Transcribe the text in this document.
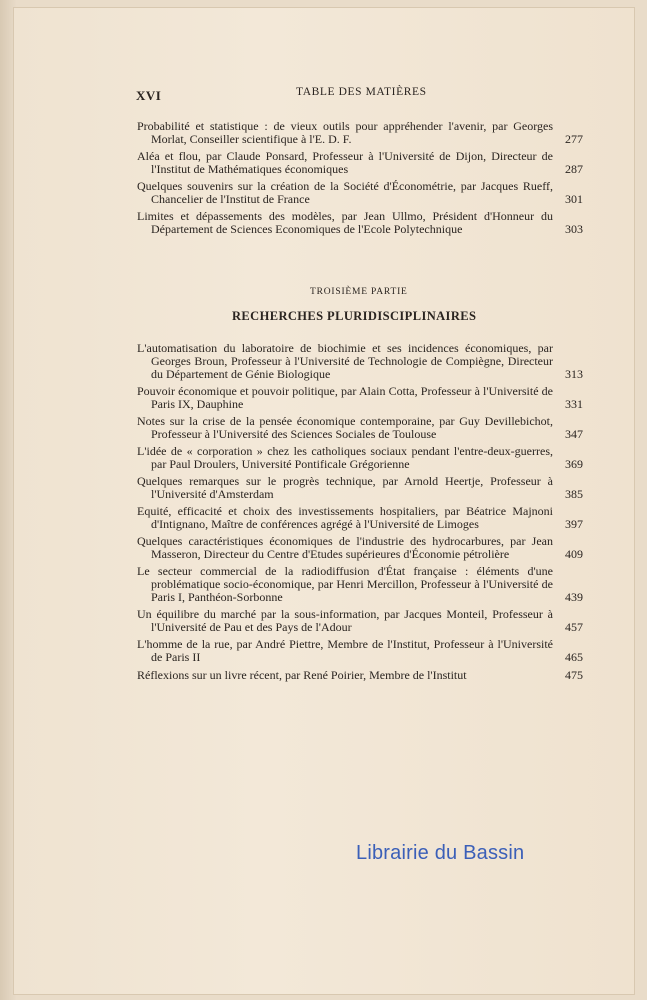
XVI	TABLE DES MATIÈRES
Probabilité et statistique : de vieux outils pour appréhender l'avenir, par Georges Morlat, Conseiller scientifique à l'E. D. F.	277
Aléa et flou, par Claude Ponsard, Professeur à l'Université de Dijon, Directeur de l'Institut de Mathématiques économiques	287
Quelques souvenirs sur la création de la Société d'Économétrie, par Jacques Rueff, Chancelier de l'Institut de France	301
Limites et dépassements des modèles, par Jean Ullmo, Président d'Honneur du Département de Sciences Economiques de l'Ecole Polytechnique	303
TROISIÈME PARTIE
RECHERCHES PLURIDISCIPLINAIRES
L'automatisation du laboratoire de biochimie et ses incidences économiques, par Georges Broun, Professeur à l'Université de Technologie de Compiègne, Directeur du Département de Génie Biologique	313
Pouvoir économique et pouvoir politique, par Alain Cotta, Professeur à l'Université de Paris IX, Dauphine	331
Notes sur la crise de la pensée économique contemporaine, par Guy Devillebichot, Professeur à l'Université des Sciences Sociales de Toulouse	347
L'idée de « corporation » chez les catholiques sociaux pendant l'entre-deux-guerres, par Paul Droulers, Université Pontificale Grégorienne	369
Quelques remarques sur le progrès technique, par Arnold Heertje, Professeur à l'Université d'Amsterdam	385
Equité, efficacité et choix des investissements hospitaliers, par Béatrice Majnoni d'Intignano, Maître de conférences agrégé à l'Université de Limoges	397
Quelques caractéristiques économiques de l'industrie des hydrocarbures, par Jean Masseron, Directeur du Centre d'Etudes supérieures d'Économie pétrolière	409
Le secteur commercial de la radiodiffusion d'État française : éléments d'une problématique socio-économique, par Henri Mercillon, Professeur à l'Université de Paris I, Panthéon-Sorbonne	439
Un équilibre du marché par la sous-information, par Jacques Monteil, Professeur à l'Université de Pau et des Pays de l'Adour	457
L'homme de la rue, par André Piettre, Membre de l'Institut, Professeur à l'Université de Paris II	465
Réflexions sur un livre récent, par René Poirier, Membre de l'Institut	475
Librairie du Bassin
